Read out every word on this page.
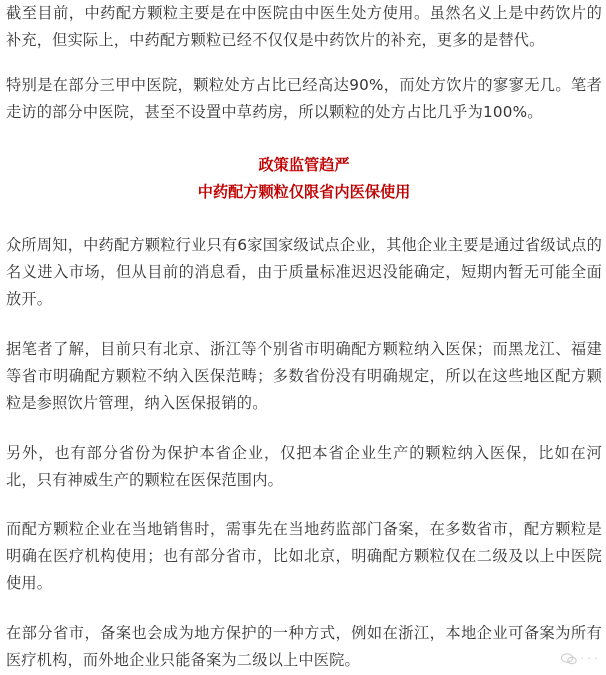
截至目前，中药配方颗粒主要是在中医院由中医生处方使用。虽然名义上是中药饮片的补充，但实际上，中药配方颗粒已经不仅仅是中药饮片的补充，更多的是替代。

特别是在部分三甲中医院，颗粒处方占比已经高达90%，而处方饮片的寥寥无几。笔者走访的部分中医院，甚至不设置中草药房，所以颗粒的处方占比几乎为100%。

政策监管趋严

中药配方颗粒仅限省内医保使用

众所周知，中药配方颗粒行业只有6家国家级试点企业，其他企业主要是通过省级试点的名义进入市场，但从目前的消息看，由于质量标准迟迟没能确定，短期内暂无可能全面放开。

据笔者了解，目前只有北京、浙江等个别省市明确配方颗粒纳入医保；而黑龙江、福建等省市明确配方颗粒不纳入医保范畴；多数省份没有明确规定，所以在这些地区配方颗粒是参照饮片管理，纳入医保报销的。

另外，也有部分省份为保护本省企业，仅把本省企业生产的颗粒纳入医保，比如在河北，只有神威生产的颗粒在医保范围内。

而配方颗粒企业在当地销售时，需事先在当地药监部门备案，在多数省市，配方颗粒是明确在医疗机构使用；也有部分省市，比如北京，明确配方颗粒仅在二级及以上中医院使用。

在部分省市，备案也会成为地方保护的一种方式，例如在浙江，本地企业可备案为所有医疗机构，而外地企业只能备案为二级以上中医院。	· · ·
